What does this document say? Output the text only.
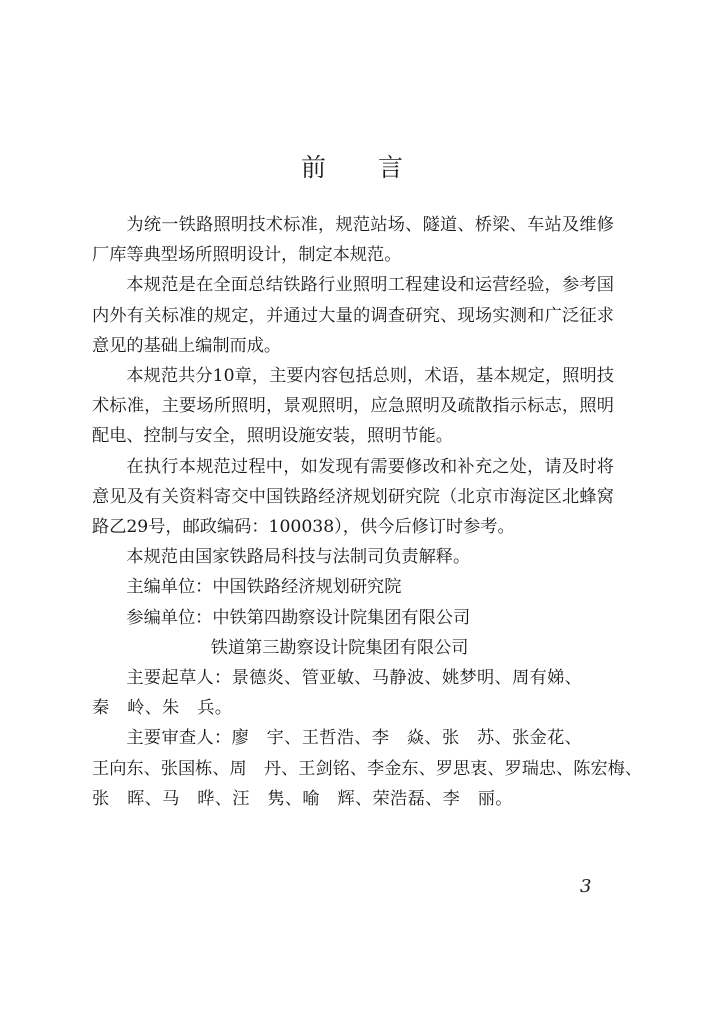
前言

为统一铁路照明技术标准，规范站场、隧道、桥梁、车站及维修厂库等典型场所照明设计，制定本规范。

本规范是在全面总结铁路行业照明工程建设和运营经验，参考国内外有关标准的规定，并通过大量的调查研究、现场实测和广泛征求意见的基础上编制而成。

本规范共分10章，主要内容包括总则，术语，基本规定，照明技术标准，主要场所照明，景观照明，应急照明及疏散指示标志，照明配电、控制与安全，照明设施安装，照明节能。

在执行本规范过程中，如发现有需要修改和补充之处，请及时将意见及有关资料寄交中国铁路经济规划研究院（北京市海淀区北蜂窝路乙29号，邮政编码：100038），供今后修订时参考。

本规范由国家铁路局科技与法制司负责解释。

主编单位：中国铁路经济规划研究院

参编单位：中铁第四勘察设计院集团有限公司

铁道第三勘察设计院集团有限公司

主要起草人：景德炎、管亚敏、马静波、姚梦明、周有娣、

秦　岭、朱　兵。

主要审查人：廖　宇、王哲浩、李　焱、张　苏、张金花、

王向东、张国栋、周　丹、王剑铭、李金东、罗思衷、罗瑞忠、陈宏梅、

张　晖、马　晔、汪　隽、喻　辉、荣浩磊、李　丽。

3
